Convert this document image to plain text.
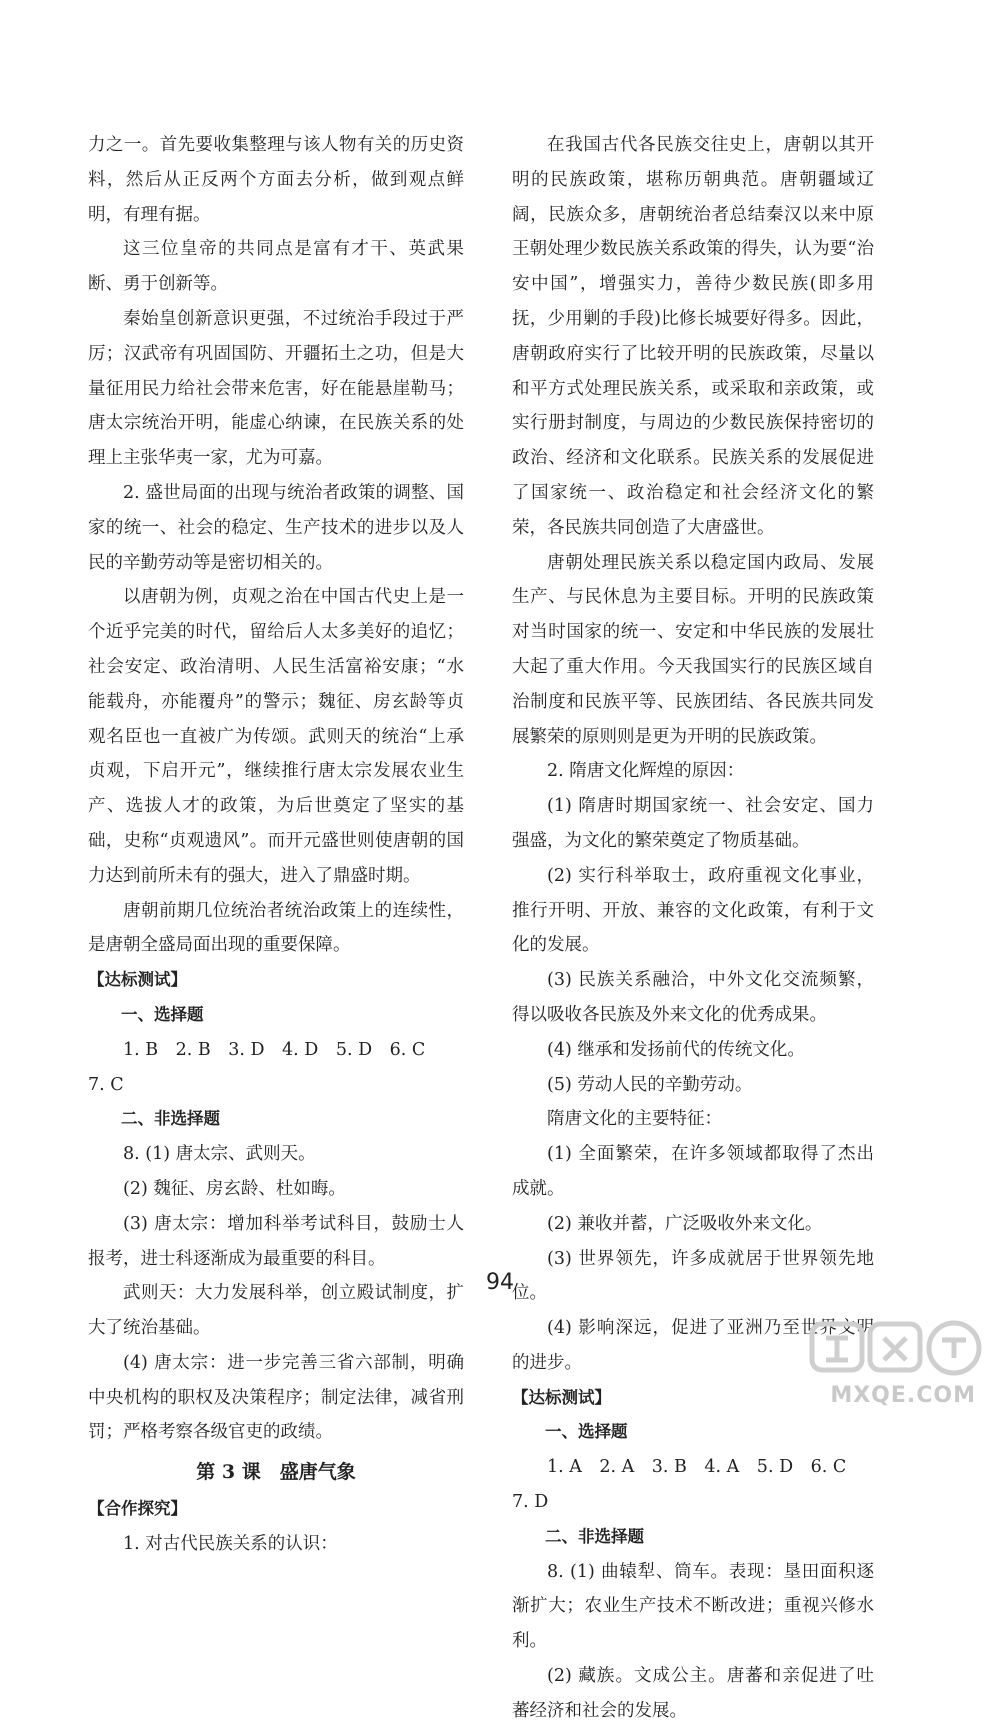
力之一。首先要收集整理与该人物有关的历史资料，然后从正反两个方面去分析，做到观点鲜明，有理有据。

这三位皇帝的共同点是富有才干、英武果断、勇于创新等。

秦始皇创新意识更强，不过统治手段过于严厉；汉武帝有巩固国防、开疆拓土之功，但是大量征用民力给社会带来危害，好在能悬崖勒马；唐太宗统治开明，能虚心纳谏，在民族关系的处理上主张华夷一家，尤为可嘉。

2. 盛世局面的出现与统治者政策的调整、国家的统一、社会的稳定、生产技术的进步以及人民的辛勤劳动等是密切相关的。

以唐朝为例，贞观之治在中国古代史上是一个近乎完美的时代，留给后人太多美好的追忆；社会安定、政治清明、人民生活富裕安康；“水能载舟，亦能覆舟”的警示；魏征、房玄龄等贞观名臣也一直被广为传颂。武则天的统治“上承贞观，下启开元”，继续推行唐太宗发展农业生产、选拔人才的政策，为后世奠定了坚实的基础，史称“贞观遗风”。而开元盛世则使唐朝的国力达到前所未有的强大，进入了鼎盛时期。

唐朝前期几位统治者统治政策上的连续性，是唐朝全盛局面出现的重要保障。

【达标测试】

一、选择题

1. B　2. B　3. D　4. D　5. D　6. C

7. C

二、非选择题

8. (1) 唐太宗、武则天。

(2) 魏征、房玄龄、杜如晦。

(3) 唐太宗：增加科举考试科目，鼓励士人报考，进士科逐渐成为最重要的科目。

武则天：大力发展科举，创立殿试制度，扩大了统治基础。

(4) 唐太宗：进一步完善三省六部制，明确中央机构的职权及决策程序；制定法律，减省刑罚；严格考察各级官吏的政绩。

第 3 课　盛唐气象

【合作探究】

1. 对古代民族关系的认识：

在我国古代各民族交往史上，唐朝以其开明的民族政策，堪称历朝典范。唐朝疆域辽阔，民族众多，唐朝统治者总结秦汉以来中原王朝处理少数民族关系政策的得失，认为要“治安中国”，增强实力，善待少数民族(即多用抚，少用剿的手段)比修长城要好得多。因此，唐朝政府实行了比较开明的民族政策，尽量以和平方式处理民族关系，或采取和亲政策，或实行册封制度，与周边的少数民族保持密切的政治、经济和文化联系。民族关系的发展促进了国家统一、政治稳定和社会经济文化的繁荣，各民族共同创造了大唐盛世。

唐朝处理民族关系以稳定国内政局、发展生产、与民休息为主要目标。开明的民族政策对当时国家的统一、安定和中华民族的发展壮大起了重大作用。今天我国实行的民族区域自治制度和民族平等、民族团结、各民族共同发展繁荣的原则则是更为开明的民族政策。

2. 隋唐文化辉煌的原因：

(1) 隋唐时期国家统一、社会安定、国力强盛，为文化的繁荣奠定了物质基础。

(2) 实行科举取士，政府重视文化事业，推行开明、开放、兼容的文化政策，有利于文化的发展。

(3) 民族关系融洽，中外文化交流频繁，得以吸收各民族及外来文化的优秀成果。

(4) 继承和发扬前代的传统文化。

(5) 劳动人民的辛勤劳动。

隋唐文化的主要特征：

(1) 全面繁荣，在许多领域都取得了杰出成就。

(2) 兼收并蓄，广泛吸收外来文化。

(3) 世界领先，许多成就居于世界领先地位。

(4) 影响深远，促进了亚洲乃至世界文明的进步。

【达标测试】

一、选择题

1. A　2. A　3. B　4. A　5. D　6. C

7. D

二、非选择题

8. (1) 曲辕犁、筒车。表现：垦田面积逐渐扩大；农业生产技术不断改进；重视兴修水利。

(2) 藏族。文成公主。唐蕃和亲促进了吐蕃经济和社会的发展。

94
MXQE.COM
